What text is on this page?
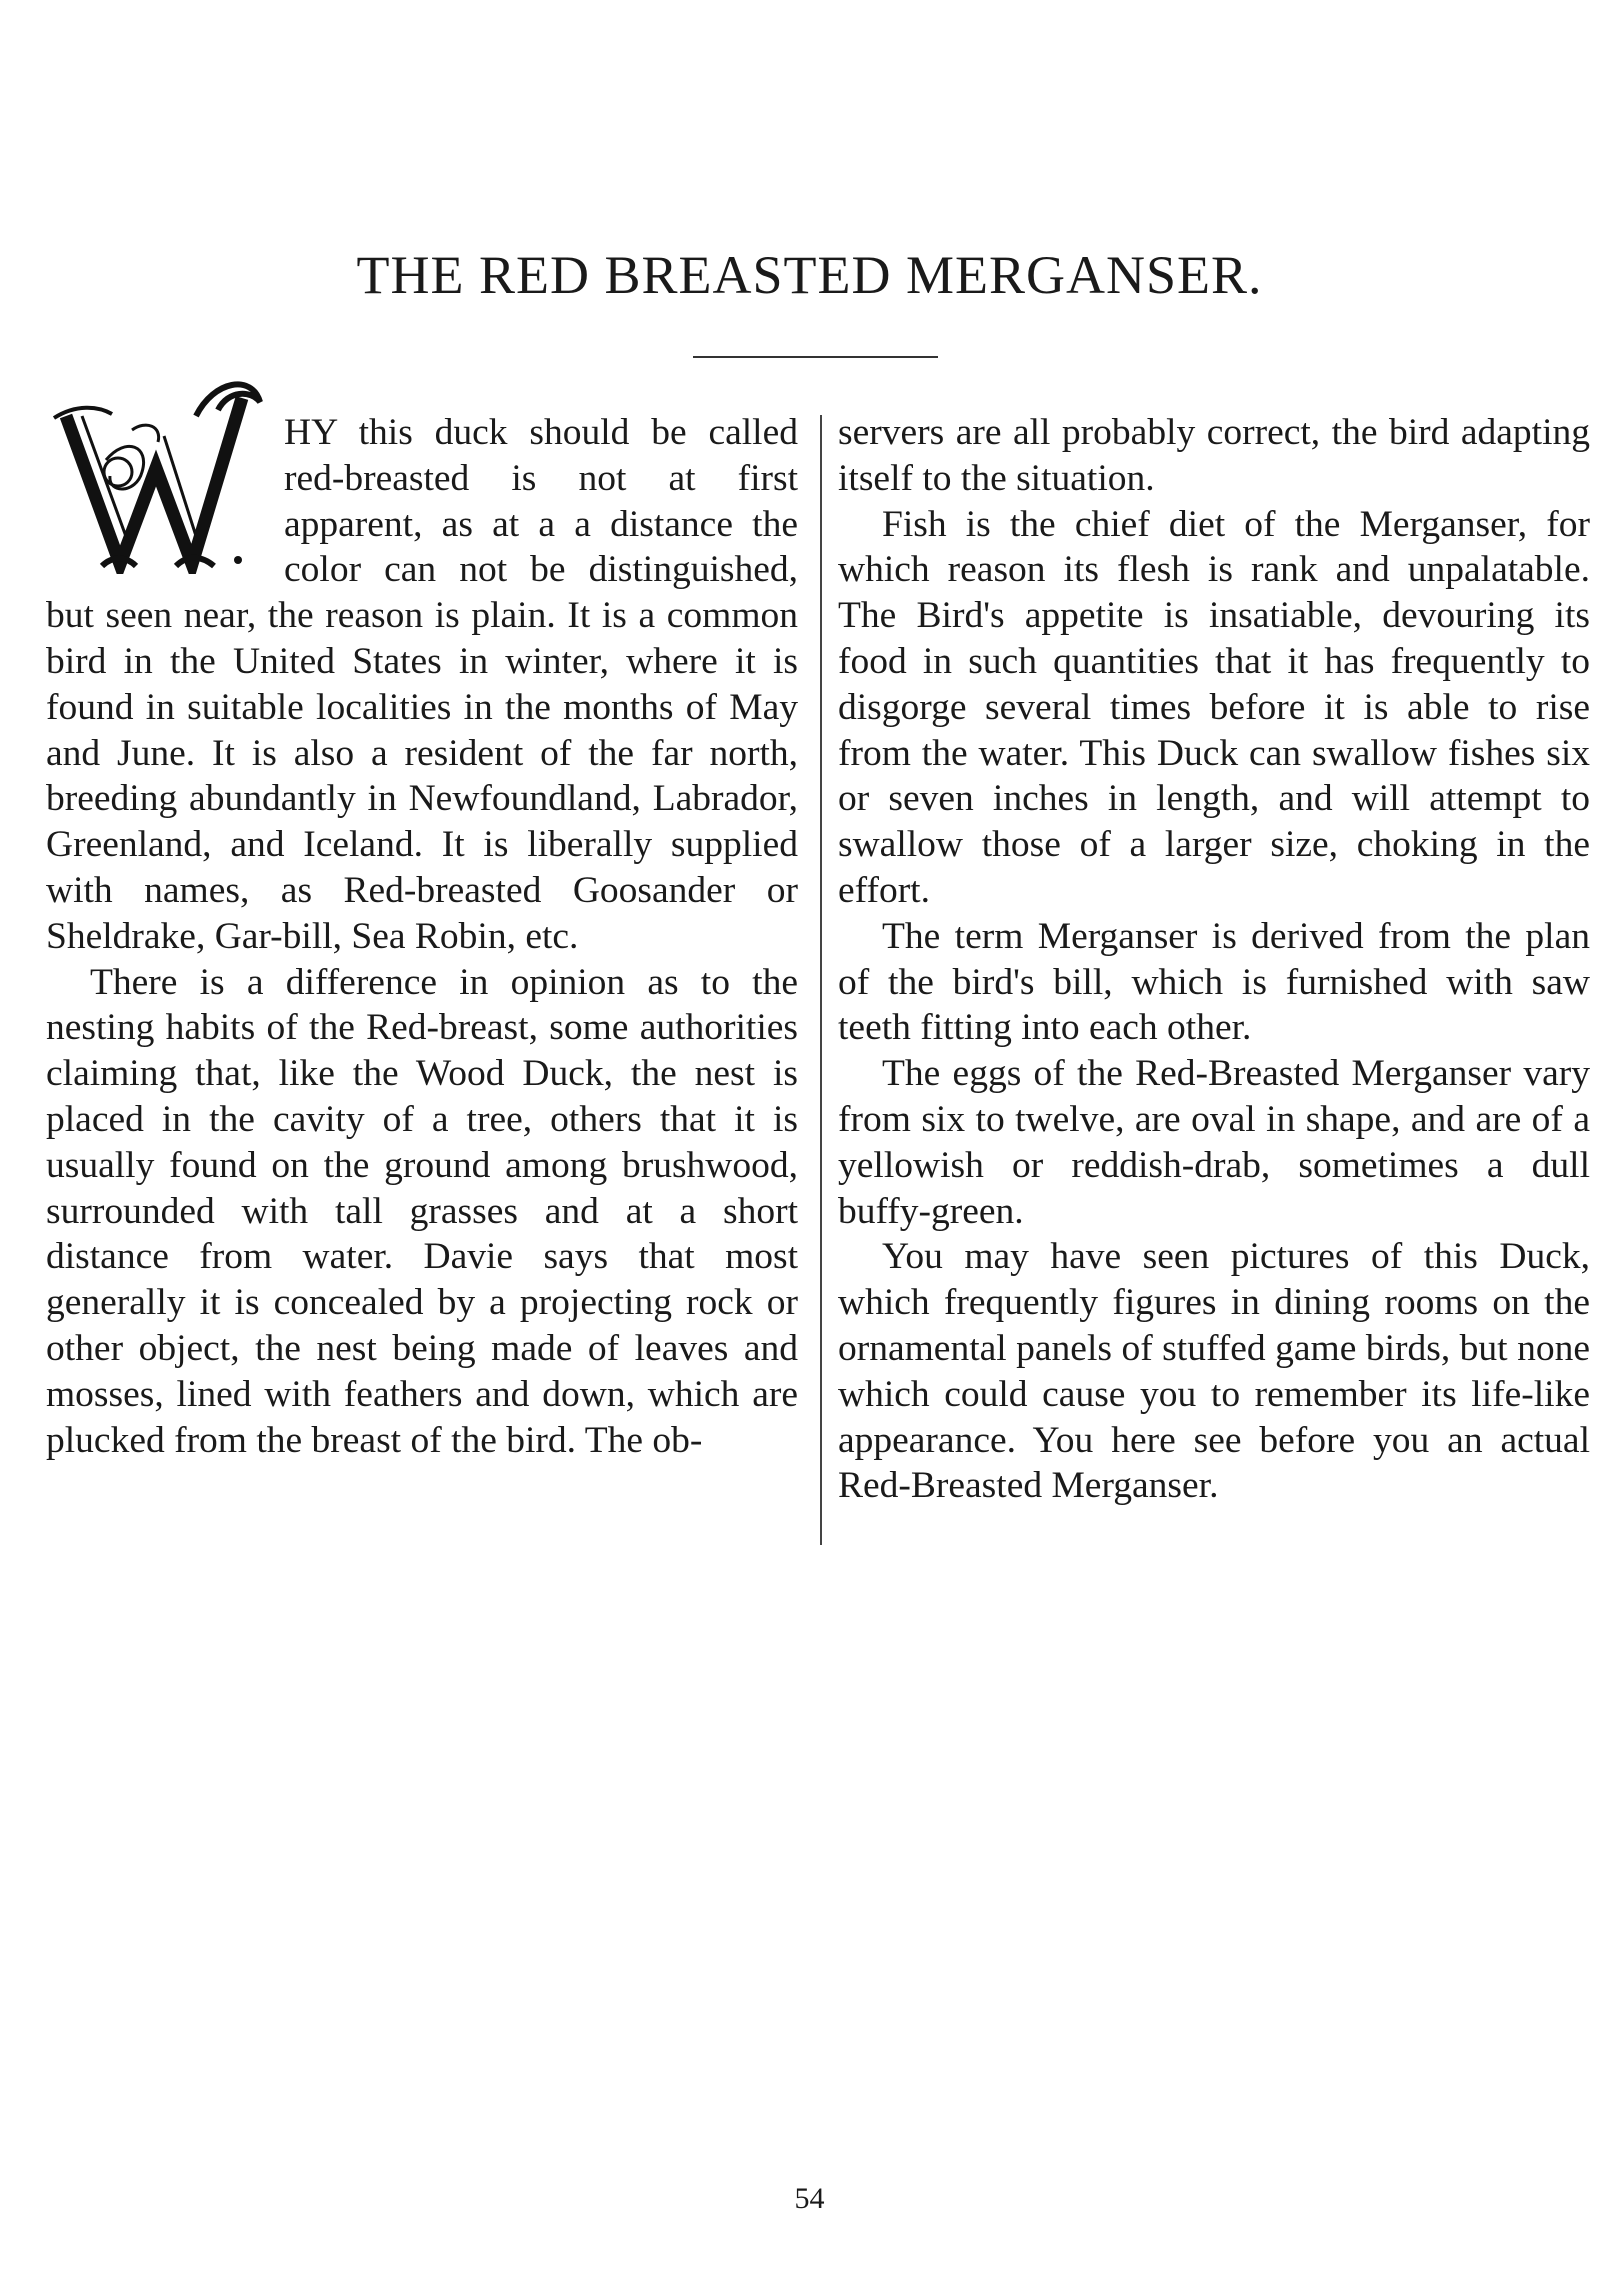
THE RED BREASTED MERGANSER.

HY this duck should be called red-breasted is not at first apparent, as at a a distance the color can not be distinguished, but seen near, the reason is plain. It is a common bird in the United States in winter, where it is found in suitable localities in the months of May and June. It is also a resident of the far north, breeding abundantly in Newfoundland, Labrador, Greenland, and Iceland. It is liberally supplied with names, as Red-breasted Goosander or Sheldrake, Gar-bill, Sea Robin, etc.

There is a difference in opinion as to the nesting habits of the Red-breast, some authorities claiming that, like the Wood Duck, the nest is placed in the cavity of a tree, others that it is usually found on the ground among brushwood, surrounded with tall grasses and at a short distance from water. Davie says that most generally it is concealed by a projecting rock or other object, the nest being made of leaves and mosses, lined with feathers and down, which are plucked from the breast of the bird. The ob-

servers are all probably correct, the bird adapting itself to the situation.

Fish is the chief diet of the Merganser, for which reason its flesh is rank and unpalatable. The Bird's appetite is insatiable, devouring its food in such quantities that it has frequently to disgorge several times before it is able to rise from the water. This Duck can swallow fishes six or seven inches in length, and will attempt to swallow those of a larger size, choking in the effort.

The term Merganser is derived from the plan of the bird's bill, which is furnished with saw teeth fitting into each other.

The eggs of the Red-Breasted Merganser vary from six to twelve, are oval in shape, and are of a yellowish or reddish-drab, sometimes a dull buffy-green.

You may have seen pictures of this Duck, which frequently figures in dining rooms on the ornamental panels of stuffed game birds, but none which could cause you to remember its life-like appearance. You here see before you an actual Red-Breasted Merganser.

54
